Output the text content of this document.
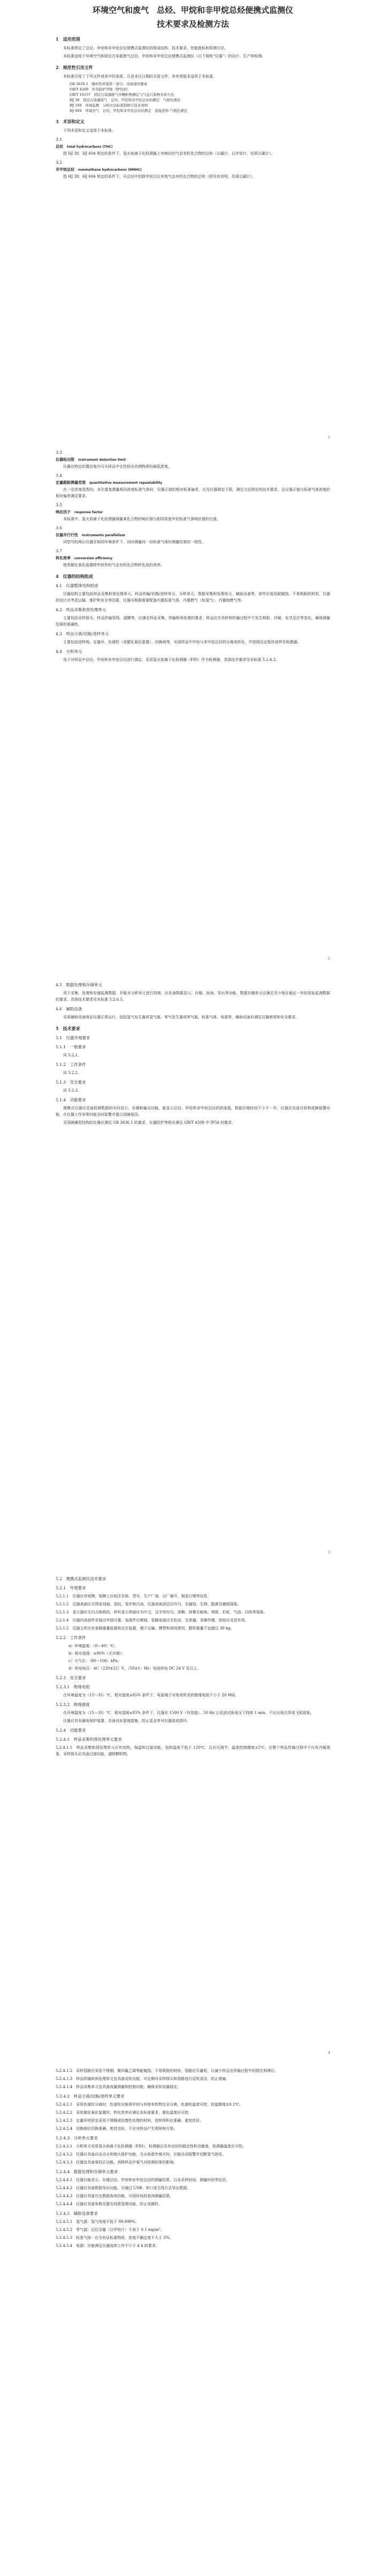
环境空气和废气　总烃、甲烷和非甲烷总烃便携式监测仪
技术要求及检测方法
1　适用范围

本标准规定了总烃、甲烷和非甲烷总烃便携式监测仪的组成结构、技术要求、性能指标和检测方法。

本标准适用于环境空气和固定污染源废气总烃、甲烷和非甲烷总烃便携式监测仪（以下简称“仪器”）的设计、生产和检测。

2　规范性引用文件

本标准引用了下列文件或其中的条款。凡是未注日期的引用文件，其有效版本适用于本标准。

GB 3836.1　爆炸性环境第一部分：设备通用要求
GB/T 4208　外壳防护等级（IP代码）
GB/T 16157　固定污染源排气中颗粒物测定与气态污染物采样方法
HJ 38　固定污染源废气　总烃、甲烷和非甲烷总烃的测定　气相色谱法
HJ 168　环境监测　分析方法标准制修订技术导则
HJ 604　环境空气　总烃、甲烷和非甲烷总烃的测定　直接进样-气相色谱法
3　术语和定义

下列术语和定义适用于本标准。

3.1
总烃　 total hydrocarbons (THC)

指 HJ 38、HJ 604 规定的条件下，氢火焰离子化检测器上有响应的气态有机化合物的总和（以碳计，以甲烷计，结果以碳计）。

3.2
非甲烷总烃　 nonmethane hydrocarbons (NMHC)

指 HJ 38、HJ 604 规定的条件下，从总烃中扣除甲烷以后其他气态有机化合物的总和（除另有说明，结果以碳计）。

1
3.3
仪器检出限　 instrument detection limit

仪器在特定的置信度内可从样品中定性检出待测物质的最低浓度。

3.4
定量跟踪测量范围　 quantitative measurement repeatability

在一定浓度范围内，多次重复测量相同浓度标准气体时，仪器示值的相对标准偏差，以及仪器测定下限，满足方法规定的技术要求，且仪器示值与标准气体浓度的相对偏差满足要求。

3.5
响应因子　 response factor

本标准中，氢火焰离子化检测器测量某化合物的响应值与相同浓度甲烷标准气体响应值的比值。

3.6
仪器并行行性　 instruments parallelism

同型号的两台仪器在相同环境条件下，同时测量同一份标准气体时测量结果的一致性。

3.7
转化效率　 conversion efficiency

使用催化氧化装置除甲烷外的气态有机化合物转化成的效率。

4　仪器的结构组成
4.1　仪器整体结构组成

仪器结构主要包括样品采集和预处理单元、样品传输/切换/进样单元、分析单元、数据采集和处理单元、辅助设备等，部件应选用耐腐蚀、不易吸附的材质，仪器的设计应考虑运输、维护和安全等因素，仪器可根据需要配备内置标准气体、内置燃气（如氢气）、内置助燃气等。

4.2　样品采集和预处理单元

主要包括采样探头、样品传输管线、滤膜等，应满足样品采集、传输和预处理的要求，样品应在采样和传输过程中不发生吸附、冷凝、化学反应等变化，确保测量结果的准确性。

4.3　样品分离/切换/进样单元

主要包括进样阀、定量环、色谱柱（或催化氧化装置）、切换阀等，实现样品中甲烷与非甲烷总烃的分离或转化，并按照设定程序进样至检测器。

4.4　分析单元

用于对样品中总烃、甲烷和非甲烷总烃进行测定，采用氢火焰离子化检测器（FID）作为检测器，具体技术要求见本标准 5.2.4.3。

2
4.5　数据处理和存储单元

用于采集、处理和存储监测数据，并能对分析单元进行控制，应具备数据显示、存储、查询、导出等功能，数据存储单元应满足至少保存最近一年的原始监测数据的要求，具体技术要求见本标准 5.2.6.5。

4.6　辅助设备

采用辅助设备保证仪器正常运行，包括氢气发生器或氢气瓶、零气发生器或零气瓶、标准气体、电源等，辅助设备应满足仪器使用和安全要求。

5　技术要求
5.1　仪器外观要求
5.1.1　一般要求

同 5.2.1。

5.1.2　工作条件

同 5.2.2。

5.1.3　安全要求

同 5.2.3。

5.1.4　功能要求

便携式仪器应具备检测数据的实时显示、存储和输出功能，能显示总烃、甲烷和非甲烷总烃的浓度值，数据存储时间不少于一年。仪器应具备自检和故障报警功能，在仪器工作异常时能及时报警并提示故障原因。

采用隔爆型结构的仪器应满足 GB 3836.1 的要求，仪器防护等级应满足 GB/T 4208 中 IP54 的要求。

3
5.2　便携式监测仪技术要求
5.2.1　外观要求

5.2.1.1　仪器应有铭牌，铭牌上应标注名称、型号、生产厂商、出厂编号、制造日期等信息。

5.2.1.2　仪器表面应无明显划痕、裂纹、变形和污浊，仪器表面涂层应均匀，无腐蚀、生锈、脱落及磨损现象。

5.2.1.3　显示器应无污点和损伤，所有显示界面应为中文，且字符均匀、清晰、屏幕无暗角、黑斑、彩虹、气泡、闪烁等现象。

5.2.1.4　仪器内各部件安装应牢固可靠，连接件应紧固，管路连接应无松动、无泄漏，各操作键、按钮应灵活有效。

5.2.1.5　仪器主机应有承载重量装置和定位装置，便于运输、携带和现场使用，整机重量不宜超过 30 kg。

5.2.2　工作条件
a）环境温度：（0～40）℃；
b）相对湿度：≤90%（无冷凝）；
c）大气压：（80～106）kPa；
d）供电电压：AC（220±22）V，（50±1）Hz；电池供电 DC 24 V 及以上。
5.2.3　安全要求
5.2.3.1　绝缘电阻

在环境温度为（15～35）℃，相对湿度≤85% 条件下，电源端子对地或机壳的绝缘电阻不小于 20 MΩ。

5.2.3.2　绝缘强度

在环境温度为（15～35）℃，相对湿度≤85% 条件下，仪器在 1500 V（有效值）、50 Hz 正弦波试验电压下持续 1 min，不应出现击穿或飞弧现象。

仪器应具有漏电保护装置，具备良好接地措施，防止雷击等对仪器造成损坏。

5.2.4　功能要求
5.2.4.1　样品采集和预处理单元要求

5.2.4.1.1　样品采集和预处理单元应有加热、保温和过滤功能，加热温度不低于 120℃，且应可调节，温度控制精度±5℃，在整个样品传输过程中不应有冷凝现象，采样探头应具备过滤功能，滤除颗粒物。

4

5.2.4.1.2　采样管路应采用不锈钢、聚四氟乙烯等耐腐蚀、不易吸附的材料，管路应尽量短，以减少样品在传输过程中的损失和滞后。

5.2.4.1.3　样品传输和预处理单元宜具备反吹功能，可定期对采样探头和管路进行反吹清洁，防止堵塞。

5.2.4.1.4　样品采集单元宜具备流量测量和控制功能，确保采样流量稳定。

5.2.4.2　样品分离/切换/进样单元要求

5.2.4.2.1　采用色谱柱分离时，色谱柱应能将甲烷与其他有机物完全分离，色谱柱温度可控，控温精度±0.1℃。

5.2.4.2.2　采用催化氧化装置时，转化效率应满足本标准要求，催化温度应可控。

5.2.4.2.3　定量环材质宜采用不锈钢或经惰性处理的材料，进样体积应准确、重复性好。

5.2.4.2.4　切换阀应切换准确、密封良好，不应对样品产生吸附和污染。

5.2.4.3　分析单元要求

5.2.4.3.1　分析单元采用氢火焰离子化检测器（FID），检测器应具有良好的稳定性和灵敏度，检测器温度应可控。

5.2.4.3.2　仪器应具备自动点火和熄火保护功能，当火焰意外熄灭时，应能自动报警并切断氢气供给。

5.2.4.3.3　仪器宜具备氧校正功能，消除样品中氧气对检测结果的影响。

5.2.4.4　数据处理和存储单元要求

5.2.4.4.1　仪器应能显示、存储总烃、甲烷和非甲烷总烃的测量结果，以及采样时间、测量时间等信息。

5.2.4.4.2　仪器应具备数据导出功能，可通过 USB、串口或无线方式导出数据。

5.2.4.4.3　仪器应具备历史数据查询功能，可按时间段查询测量结果。

5.2.4.4.4　仪器应具备参数设置及权限管理功能，防止误操作。

5.2.4.5　辅助设备要求

5.2.4.5.1　氢气源：氢气纯度不低于 99.999%。

5.2.4.5.2　零气源：总烃含量（以甲烷计）不高于 0.1 mg/m³。

5.2.4.5.3　标准气体：应为有证标准物质，浓度不确定度不大于 2%。

5.2.4.5.4　电源：应能满足仪器连续工作不少于 4 h 的要求。
